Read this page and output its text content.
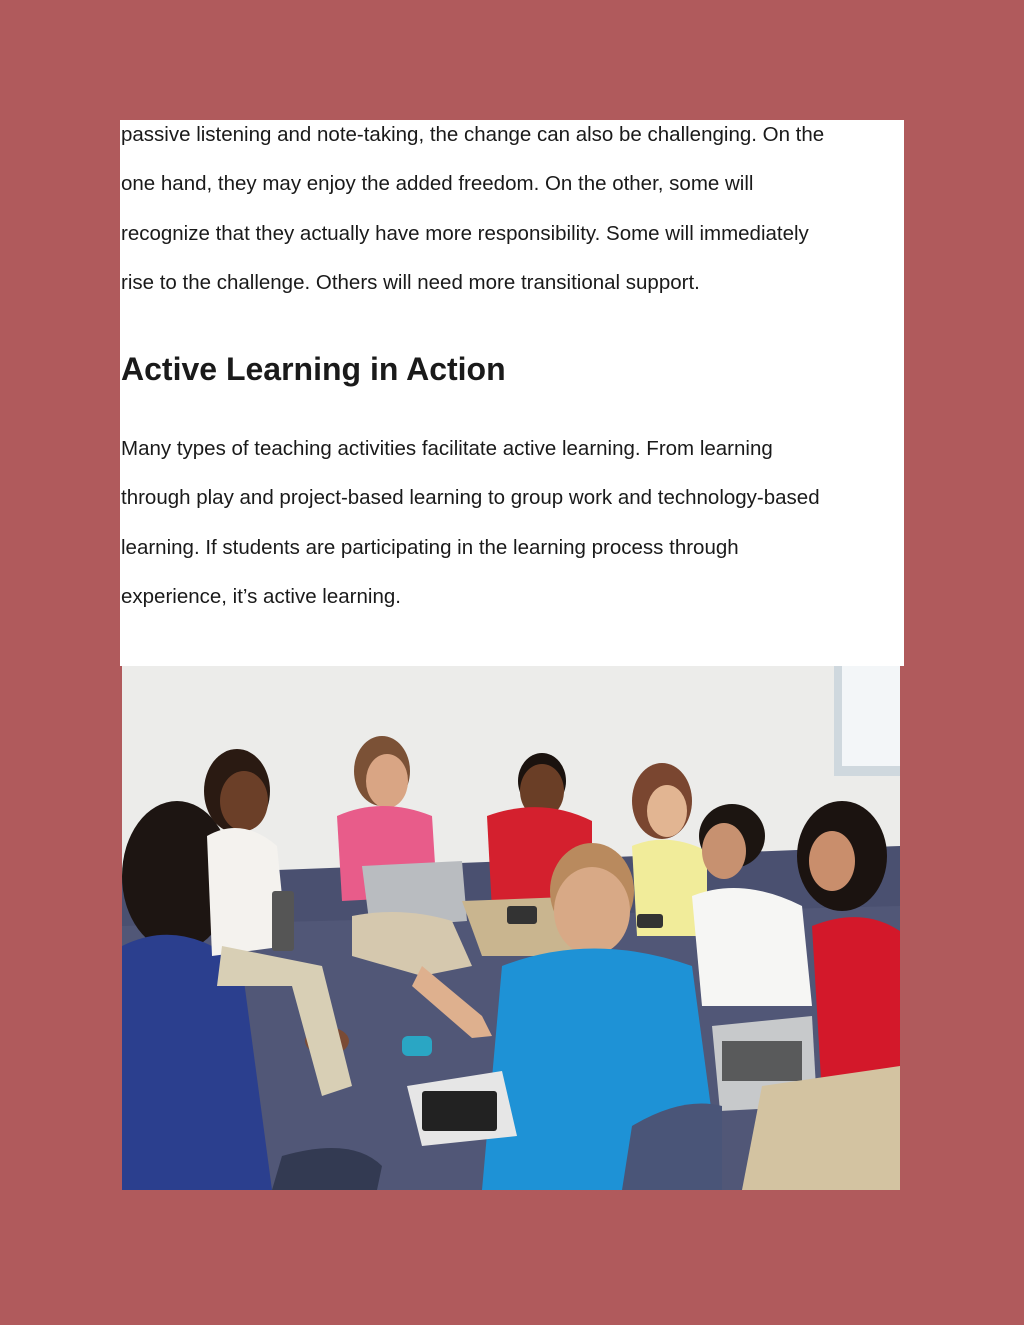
passive listening and note-taking, the change can also be challenging. On the
one hand, they may enjoy the added freedom. On the other, some will
recognize that they actually have more responsibility. Some will immediately
rise to the challenge. Others will need more transitional support.
Active Learning in Action
Many types of teaching activities facilitate active learning. From learning
through play and project-based learning to group work and technology-based
learning. If students are participating in the learning process through
experience, it’s active learning.
